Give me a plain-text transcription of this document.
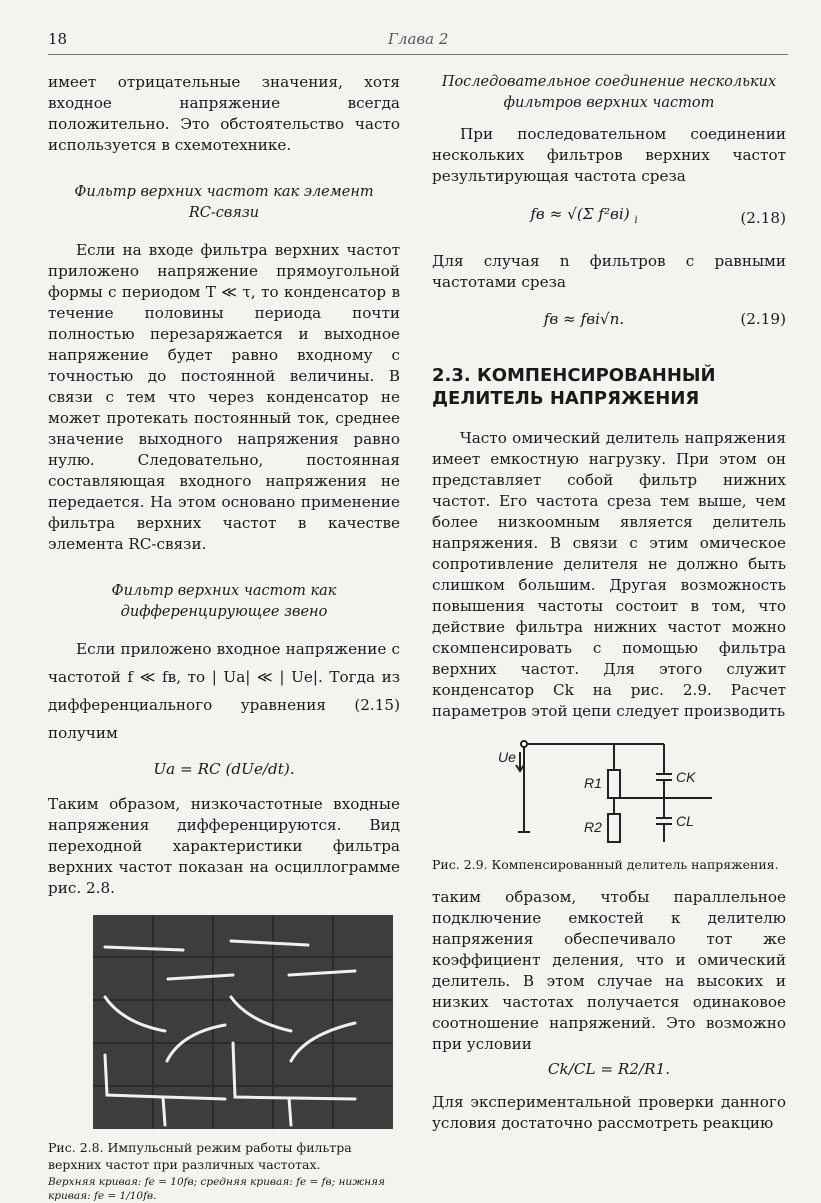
18	Глава 2

имеет отрицательные значения, хотя входное напряжение всегда положительно. Это обстоятельство часто используется в схемотехнике.

Фильтр верхних частот как элемент RC-связи

Если на входе фильтра верхних частот приложено напряжение прямоугольной формы с периодом T ≪ τ, то конденсатор в течение половины периода почти полностью перезаряжается и выходное напряжение будет равно входному с точностью до постоянной величины. В связи с тем что через конденсатор не может протекать постоянный ток, среднее значение выходного напряжения равно нулю. Следовательно, постоянная составляющая входного напряжения не передается. На этом основано применение фильтра верхних частот в качестве элемента RC-связи.

Фильтр верхних частот как дифференцирующее звено

Если приложено входное напряжение с частотой f ≪ fв, то | Ua| ≪ | Ue|. Тогда из дифференциального уравнения (2.15) получим

Ua = RC (dUe/dt).

Таким образом, низкочастотные входные напряжения дифференцируются. Вид переходной характеристики фильтра верхних частот показан на осциллограмме рис. 2.8.

Рис. 2.8. Импульсный режим работы фильтра верхних частот при различных частотах.

Верхняя кривая: fe = 10fв; средняя кривая: fe = fв; нижняя кривая: fe = 1/10fв.

Последовательное соединение нескольких фильтров верхних частот

При последовательном соединении нескольких фильтров верхних частот результирующая частота среза

fв ≈ √(Σ f²вi) $_i$	(2.18)

Для случая n фильтров с равными частотами среза

fв ≈ fвi√n.	(2.19)

2.3. КОМПЕНСИРОВАННЫЙ ДЕЛИТЕЛЬ НАПРЯЖЕНИЯ

Часто омический делитель напряжения имеет емкостную нагрузку. При этом он представляет собой фильтр нижних частот. Его частота среза тем выше, чем более низкоомным является делитель напряжения. В связи с этим омическое сопротивление делителя не должно быть слишком большим. Другая возможность повышения частоты состоит в том, что действие фильтра нижних частот можно скомпенсировать с помощью фильтра верхних частот. Для этого служит конденсатор Ck на рис. 2.9. Расчет параметров этой цепи следует производить

Ue
R1
R2
CK
CL

Рис. 2.9. Компенсированный делитель напряжения.

таким образом, чтобы параллельное подключение емкостей к делителю напряжения обеспечивало тот же коэффициент деления, что и омический делитель. В этом случае на высоких и низких частотах получается одинаковое соотношение напряжений. Это возможно при условии

Ck/CL = R2/R1.

Для экспериментальной проверки данного условия достаточно рассмотреть реакцию
